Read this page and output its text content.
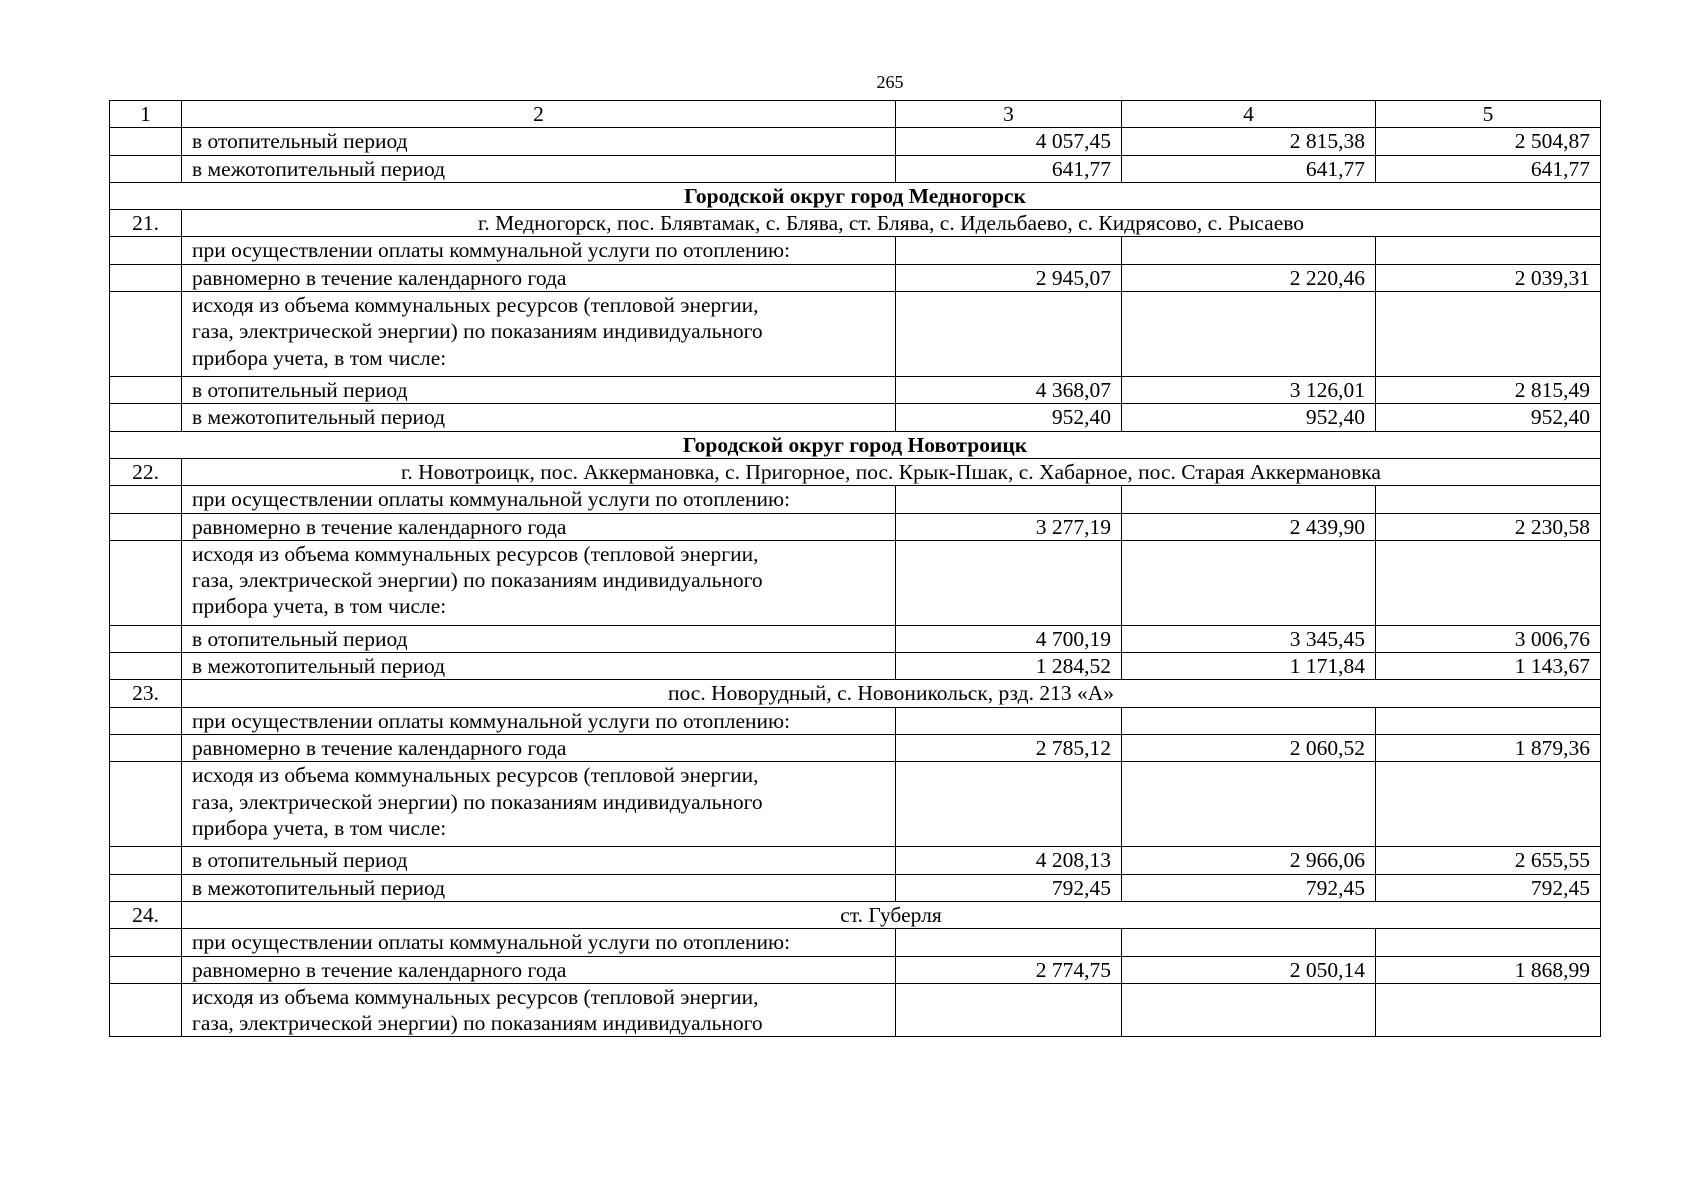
265
1	2	3	4	5
	в отопительный период	4 057,45	2 815,38	2 504,87
	в межотопительный период	641,77	641,77	641,77
Городской округ город Медногорск				
21.	г. Медногорск, пос. Блявтамак, с. Блява, ст. Блява, с. Идельбаево, с. Кидрясово, с. Рысаево			
	при осуществлении оплаты коммунальной услуги по отоплению:			
	равномерно в течение календарного года	2 945,07	2 220,46	2 039,31

	исходя из объема коммунальных ресурсов (тепловой энергии,
газа, электрической энергии) по показаниям индивидуального
прибора учета, в том числе:			

	в отопительный период	4 368,07	3 126,01	2 815,49
	в межотопительный период	952,40	952,40	952,40
Городской округ город Новотроицк				
22.	г. Новотроицк, пос. Аккермановка, с. Пригорное, пос. Крык-Пшак, с. Хабарное, пос. Старая Аккермановка			
	при осуществлении оплаты коммунальной услуги по отоплению:			
	равномерно в течение календарного года	3 277,19	2 439,90	2 230,58

	исходя из объема коммунальных ресурсов (тепловой энергии,
газа, электрической энергии) по показаниям индивидуального
прибора учета, в том числе:			

	в отопительный период	4 700,19	3 345,45	3 006,76
	в межотопительный период	1 284,52	1 171,84	1 143,67
23.	пос. Новорудный, с. Новоникольск, рзд. 213 «А»			
	при осуществлении оплаты коммунальной услуги по отоплению:			
	равномерно в течение календарного года	2 785,12	2 060,52	1 879,36

	исходя из объема коммунальных ресурсов (тепловой энергии,
газа, электрической энергии) по показаниям индивидуального
прибора учета, в том числе:			

	в отопительный период	4 208,13	2 966,06	2 655,55
	в межотопительный период	792,45	792,45	792,45
24.	ст. Губерля			
	при осуществлении оплаты коммунальной услуги по отоплению:			
	равномерно в течение календарного года	2 774,75	2 050,14	1 868,99

	исходя из объема коммунальных ресурсов (тепловой энергии,
газа, электрической энергии) по показаниям индивидуального			
